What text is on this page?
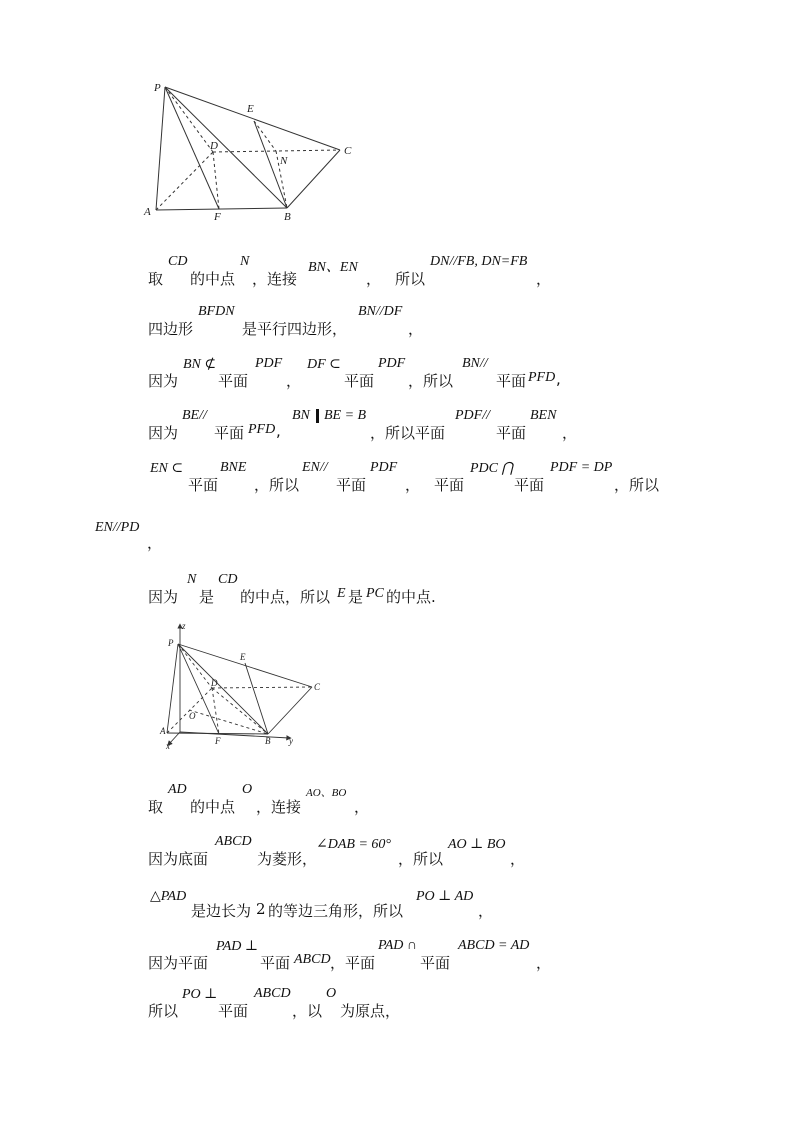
P
E
D
N
C
A	F	B
取
CD
的中点
N
，连接
BN、EN
， 所以
DN//FB, DN=FB
，
四边形
BFDN
是平行四边形，
BN//DF
，
因为
BN ⊄
平面
PDF
，
DF ⊂
平面
PDF
，所以
BN//
平面 PFD ,
因为
BE//
平面 PFD ,
BN BE = B
，所以平面
PDF//
平面
BEN
，
EN ⊂
平面
BNE
，所以
EN//
平面
PDF
， 平面
PDC ⋂
平面
PDF = DP
，所以
EN//PD
，
因为
N
是
CD
的中点，所以 E 是 PC 的中点.
z
P
E
D	C
O
A
x	F	B y
取
AD
的中点
O
，连接
AO、BO
，
因为底面
ABCD
为菱形，
∠DAB = 60°
，所以
AO ⊥ BO
，
△PAD
是边长为 2 的等边三角形，所以
PO ⊥ AD
，
因为平面
PAD ⊥
平面 ABCD ，平面
PAD ∩
平面
ABCD = AD
，
所以
PO ⊥
平面
ABCD
，以
O
为原点，
